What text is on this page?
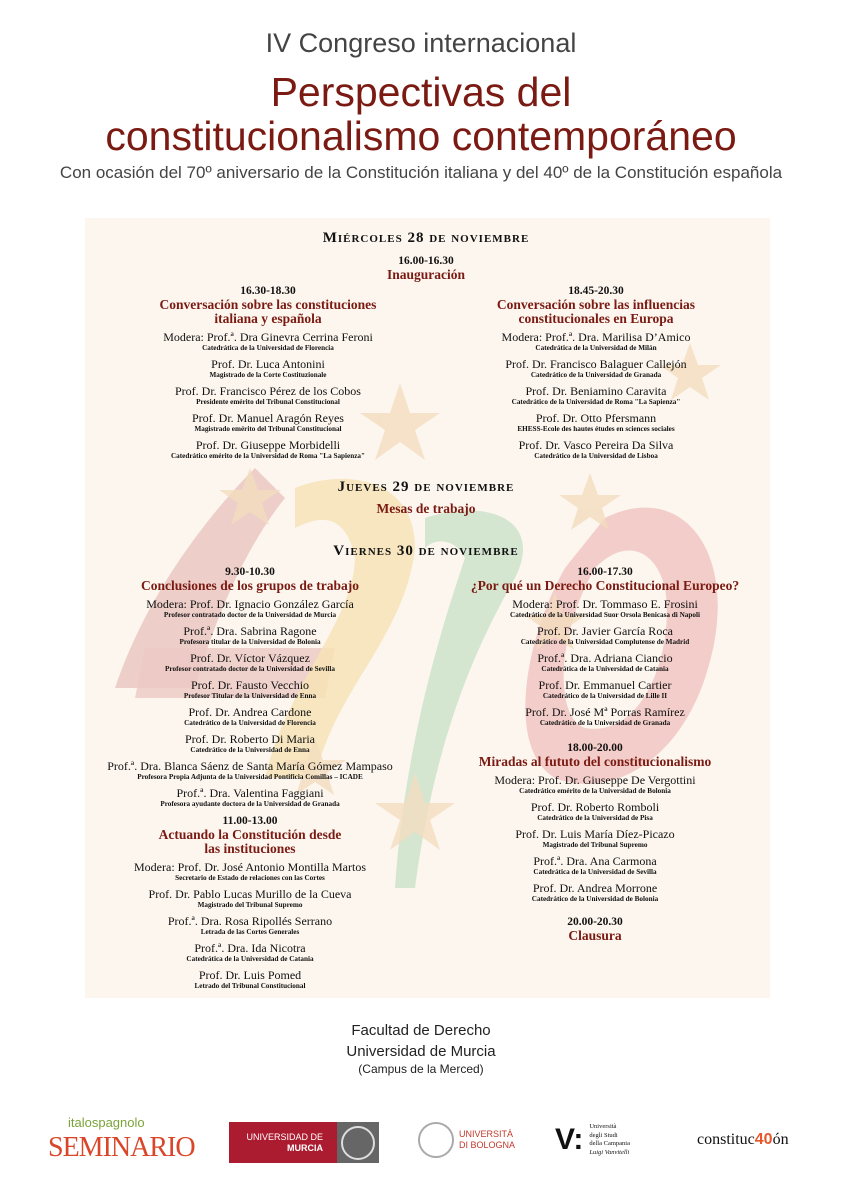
IV Congreso internacional
Perspectivas del
constitucionalismo contemporáneo
Con ocasión del 70º aniversario de la Constitución italiana y del 40º de la Constitución española
Miércoles 28 de noviembre
16.00-16.30
Inauguración
Jueves 29 de noviembre
Mesas de trabajo
Viernes 30 de noviembre
20.00-20.30
Clausura
16.30-18.30
Conversación sobre las constituciones
italiana y española
Modera: Prof.ª. Dra Ginevra Cerrina Feroni
Catedrática de la Universidad de Florencia
Prof. Dr. Luca Antonini
Magistrado de la Corte Costituzionale
Prof. Dr. Francisco Pérez de los Cobos
Presidente emérito del Tribunal Constitucional
Prof. Dr. Manuel Aragón Reyes
Magistrado emérito del Tribunal Constitucional
Prof. Dr. Giuseppe Morbidelli
Catedrático emérito de la Universidad de Roma "La Sapienza"
18.45-20.30
Conversación sobre las influencias
constitucionales en Europa
Modera: Prof.ª. Dra. Marilisa D’Amico
Catedrática de la Universidad de Milán
Prof. Dr. Francisco Balaguer Callejón
Catedrático de la Universidad de Granada
Prof. Dr. Beniamino Caravita
Catedrático de la Universidad de Roma "La Sapienza"
Prof. Dr. Otto Pfersmann
EHESS-Ecole des hautes études en sciences sociales
Prof. Dr. Vasco Pereira Da Silva
Catedrático de la Universidad de Lisboa
9.30-10.30
Conclusiones de los grupos de trabajo
Modera: Prof. Dr. Ignacio González García
Profesor contratado doctor de la Universidad de Murcia
Prof.ª. Dra. Sabrina Ragone
Profesora titular de la Universidad de Bolonia
Prof. Dr. Víctor Vázquez
Profesor contratado doctor de la Universidad de Sevilla
Prof. Dr. Fausto Vecchio
Profesor Titular de la Universidad de Enna
Prof. Dr. Andrea Cardone
Catedrático de la Universidad de Florencia
Prof. Dr. Roberto Di Maria
Catedrático de la Universidad de Enna
Prof.ª. Dra. Blanca Sáenz de Santa María Gómez Mampaso
Profesora Propia Adjunta de la Universidad Pontificia Comillas – ICADE
Prof.ª. Dra. Valentina Faggiani
Profesora ayudante doctora de la Universidad de Granada
11.00-13.00
Actuando la Constitución desde
las instituciones
Modera: Prof. Dr. José Antonio Montilla Martos
Secretario de Estado de relaciones con las Cortes
Prof. Dr. Pablo Lucas Murillo de la Cueva
Magistrado del Tribunal Supremo
Prof.ª. Dra. Rosa Ripollés Serrano
Letrada de las Cortes Generales
Prof.ª. Dra. Ida Nicotra
Catedrática de la Universidad de Catania
Prof. Dr. Luis Pomed
Letrado del Tribunal Constitucional
16.00-17.30
¿Por qué un Derecho Constitucional Europeo?
Modera: Prof. Dr. Tommaso E. Frosini
Catedrático de la Universidad Suor Orsola Benicasa di Napoli
Prof. Dr. Javier García Roca
Catedrático de la Universidad Complutense de Madrid
Prof.ª. Dra. Adriana Ciancio
Catedrática de la Universidad de Catania
Prof. Dr. Emmanuel Cartier
Catedrático de la Universidad de Lille II
Prof. Dr. José Mª Porras Ramírez
Catedrático de la Universidad de Granada
18.00-20.00
Miradas al fututo del constitucionalismo
Modera: Prof. Dr. Giuseppe De Vergottini
Catedrático emérito de la Universidad de Bolonia
Prof. Dr. Roberto Romboli
Catedrático de la Universidad de Pisa
Prof. Dr. Luis María Díez-Picazo
Magistrado del Tribunal Supremo
Prof.ª. Dra. Ana Carmona
Catedrática de la Universidad de Sevilla
Prof. Dr. Andrea Morrone
Catedrático de la Universidad de Bolonia
Facultad de Derecho
Universidad de Murcia
(Campus de la Merced)
italospagnolo
SEMINARIO	UNIVERSIDAD DE
MURCIA
UNIVERSITÀ
DI BOLOGNA V: Università
degli Studi
della Campania
Luigi Vanvitelli
constituc 40 ón
